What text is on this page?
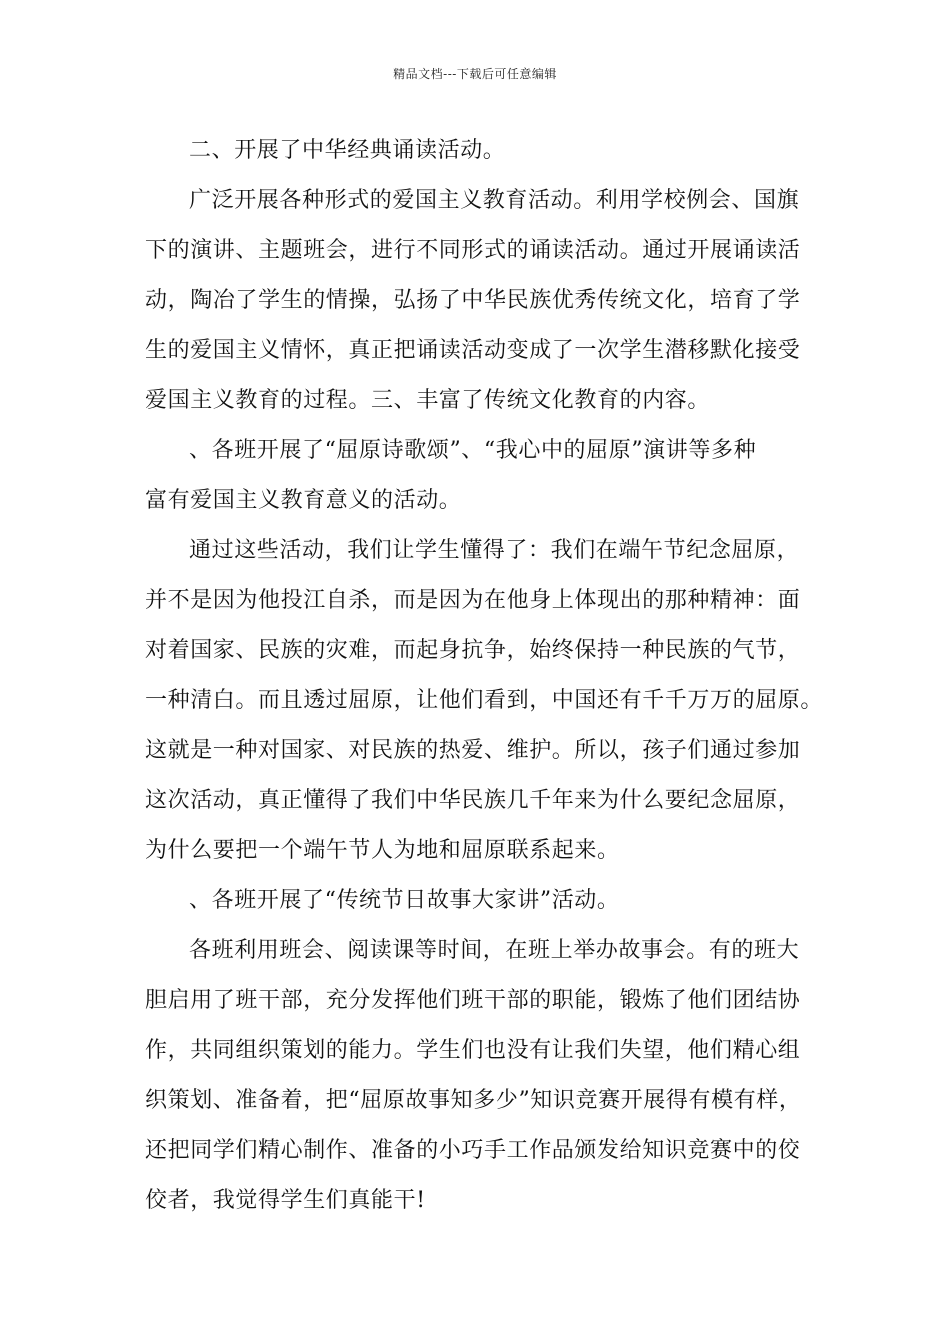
精品文档---下载后可任意编辑
二、开展了中华经典诵读活动。
广泛开展各种形式的爱国主义教育活动。利用学校例会、国旗
下的演讲、主题班会，进行不同形式的诵读活动。通过开展诵读活
动，陶冶了学生的情操，弘扬了中华民族优秀传统文化，培育了学
生的爱国主义情怀，真正把诵读活动变成了一次学生潜移默化接受
爱国主义教育的过程。三、丰富了传统文化教育的内容。
、各班开展了“屈原诗歌颂”、“我心中的屈原”演讲等多种
富有爱国主义教育意义的活动。
通过这些活动，我们让学生懂得了：我们在端午节纪念屈原，
并不是因为他投江自杀，而是因为在他身上体现出的那种精神：面
对着国家、民族的灾难，而起身抗争，始终保持一种民族的气节，
一种清白。而且透过屈原，让他们看到，中国还有千千万万的屈原。
这就是一种对国家、对民族的热爱、维护。所以，孩子们通过参加
这次活动，真正懂得了我们中华民族几千年来为什么要纪念屈原，
为什么要把一个端午节人为地和屈原联系起来。
、各班开展了“传统节日故事大家讲”活动。
各班利用班会、阅读课等时间，在班上举办故事会。有的班大
胆启用了班干部，充分发挥他们班干部的职能，锻炼了他们团结协
作，共同组织策划的能力。学生们也没有让我们失望，他们精心组
织策划、准备着，把“屈原故事知多少”知识竞赛开展得有模有样，
还把同学们精心制作、准备的小巧手工作品颁发给知识竞赛中的佼
佼者，我觉得学生们真能干!
